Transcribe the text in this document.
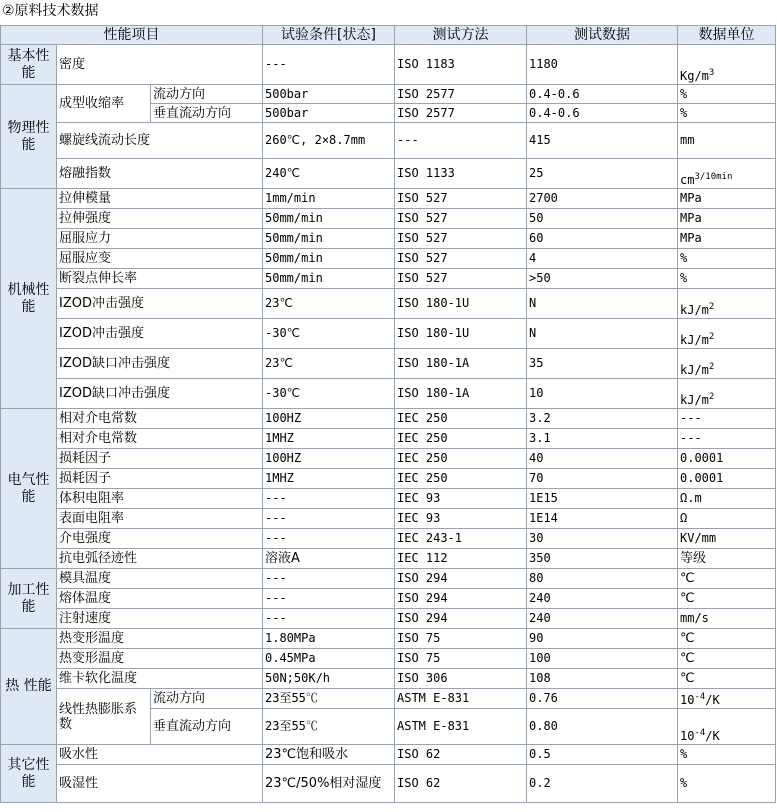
②原料技术数据
性能项目			试验条件[状态]	测试方法	测试数据	数据单位
基本性能	密度		---	ISO 1183	1180	$Kg/m^3$
物理性能	成型收缩率	流动方向	500bar	ISO 2577	0.4-0.6	%
		垂直流动方向	500bar	ISO 2577	0.4-0.6	%
	螺旋线流动长度		260℃, 2×8.7mm	---	415	mm
	熔融指数		240℃	ISO 1133	25	$cm^{3/10min}$
机械性能	拉伸模量		1mm/min	ISO 527	2700	MPa
	拉伸强度		50mm/min	ISO 527	50	MPa
	屈服应力		50mm/min	ISO 527	60	MPa
	屈服应变		50mm/min	ISO 527	4	%
	断裂点伸长率		50mm/min	ISO 527	>50	%
	IZOD冲击强度		23℃	ISO 180-1U	N	$kJ/m^2$
	IZOD冲击强度		-30℃	ISO 180-1U	N	$kJ/m^2$
	IZOD缺口冲击强度		23℃	ISO 180-1A	35	$kJ/m^2$
	IZOD缺口冲击强度		-30℃	ISO 180-1A	10	$kJ/m^2$
电气性能	相对介电常数		100HZ	IEC 250	3.2	---
	相对介电常数		1MHZ	IEC 250	3.1	---
	损耗因子		100HZ	IEC 250	40	0.0001
	损耗因子		1MHZ	IEC 250	70	0.0001
	体积电阻率		---	IEC 93	1E15	Ω.m
	表面电阻率		---	IEC 93	1E14	Ω
	介电强度		---	IEC 243-1	30	KV/mm
	抗电弧径迹性		溶液A	IEC 112	350	等级
加工性能	模具温度		---	ISO 294	80	℃
	熔体温度		---	ISO 294	240	℃
	注射速度		---	ISO 294	240	mm/s
热 性能	热变形温度		1.80MPa	ISO 75	90	℃
	热变形温度		0.45MPa	ISO 75	100	℃
	维卡软化温度		50N;50K/h	ISO 306	108	℃
	线性热膨胀系数	流动方向	23至55℃	ASTM E-831	0.76	$10^{-4}/K$
		垂直流动方向	23至55℃	ASTM E-831	0.80	$10^{-4}/K$
其它性能	吸水性		23℃饱和吸水	ISO 62	0.5	%
	吸湿性		23℃/50%相对湿度	ISO 62	0.2	%
